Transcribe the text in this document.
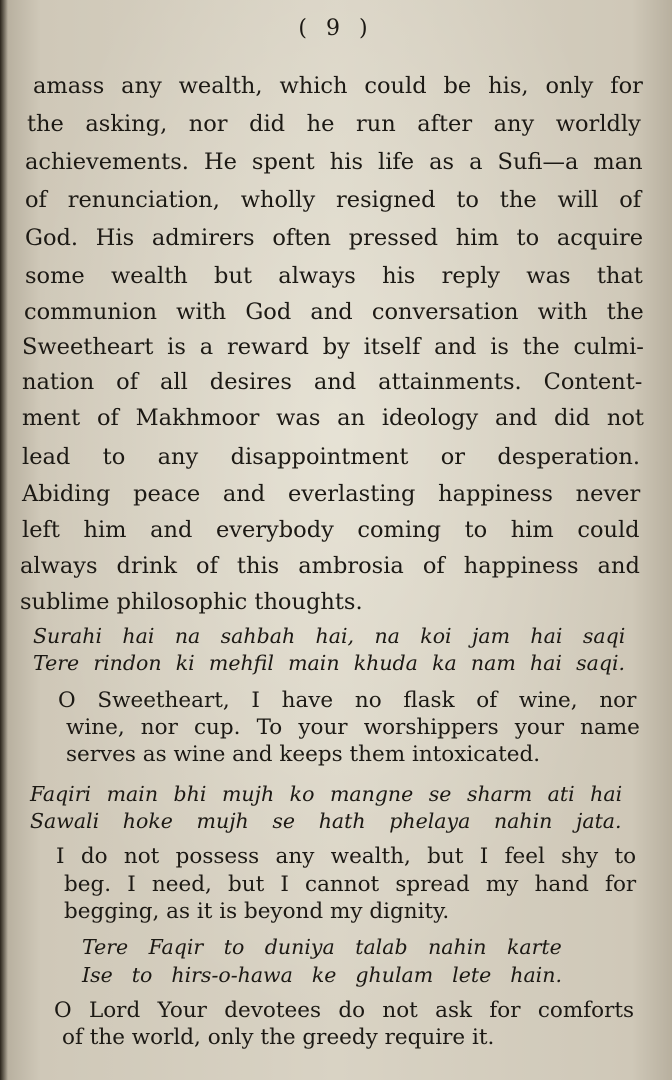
( 9 )
amass any wealth, which could be his, only for
the asking, nor did he run after any worldly
achievements. He spent his life as a Sufi—a man
of renunciation, wholly resigned to the will of
God. His admirers often pressed him to acquire
some wealth but always his reply was that
communion with God and conversation with the
Sweetheart is a reward by itself and is the culmi-
nation of all desires and attainments. Content-
ment of Makhmoor was an ideology and did not
lead to any disappointment or desperation.
Abiding peace and everlasting happiness never
left him and everybody coming to him could
always drink of this ambrosia of happiness and
sublime philosophic thoughts.
Surahi hai na sahbah hai, na koi jam hai saqi
Tere rindon ki mehfil main khuda ka nam hai saqi.
O Sweetheart, I have no flask of wine, nor
wine, nor cup. To your worshippers your name
serves as wine and keeps them intoxicated.
Faqiri main bhi mujh ko mangne se sharm ati hai
Sawali hoke mujh se hath phelaya nahin jata.
I do not possess any wealth, but I feel shy to
beg. I need, but I cannot spread my hand for
begging, as it is beyond my dignity.
Tere Faqir to duniya talab nahin karte
Ise to hirs-o-hawa ke ghulam lete hain.
O Lord Your devotees do not ask for comforts
of the world, only the greedy require it.
